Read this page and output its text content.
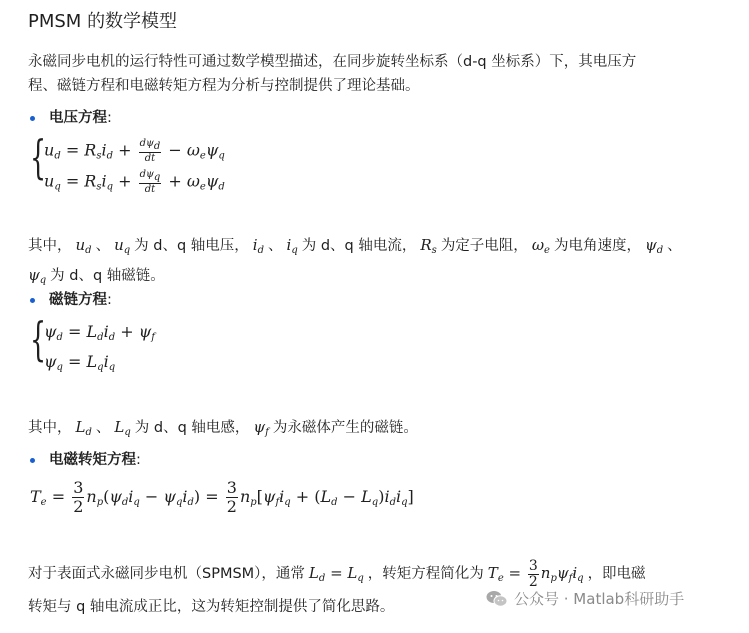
PMSM 的数学模型
永磁同步电机的运行特性可通过数学模型描述，在同步旋转坐标系（d-q 坐标系）下，其电压方
程、磁链方程和电磁转矩方程为分析与控制提供了理论基础。
电压方程:
{
$u_d = R_si_d + \frac{d\psi_d}{dt} - \omega_e\psi_q$
$u_q = R_si_q + \frac{d\psi_q}{dt} + \omega_e\psi_d$
其中， $u_d$ 、 $u_q$ 为 d、q 轴电压， $i_d$ 、 $i_q$ 为 d、q 轴电流， $R_s$ 为定子电阻， $\omega_e$ 为电角速度， $\psi_d$ 、
$\psi_q$ 为 d、q 轴磁链。
磁链方程:
{
$\psi_d = L_di_d + \psi_f$
$\psi_q = L_qi_q$
其中， $L_d$ 、 $L_q$ 为 d、q 轴电感， $\psi_f$ 为永磁体产生的磁链。
电磁转矩方程:
$T_e = \frac{3}{2} n_p(\psi_di_q - \psi_qi_d) = \frac{3}{2} n_p[\psi_fi_q + (L_d - L_q)i_di_q]$
对于表面式永磁同步电机（SPMSM），通常 $L_d = L_q$ ，转矩方程简化为 $T_e = \frac{3}{2} n_p\psi_fi_q$ ，即电磁
转矩与 q 轴电流成正比，这为转矩控制提供了简化思路。	公众号 · Matlab科研助手
